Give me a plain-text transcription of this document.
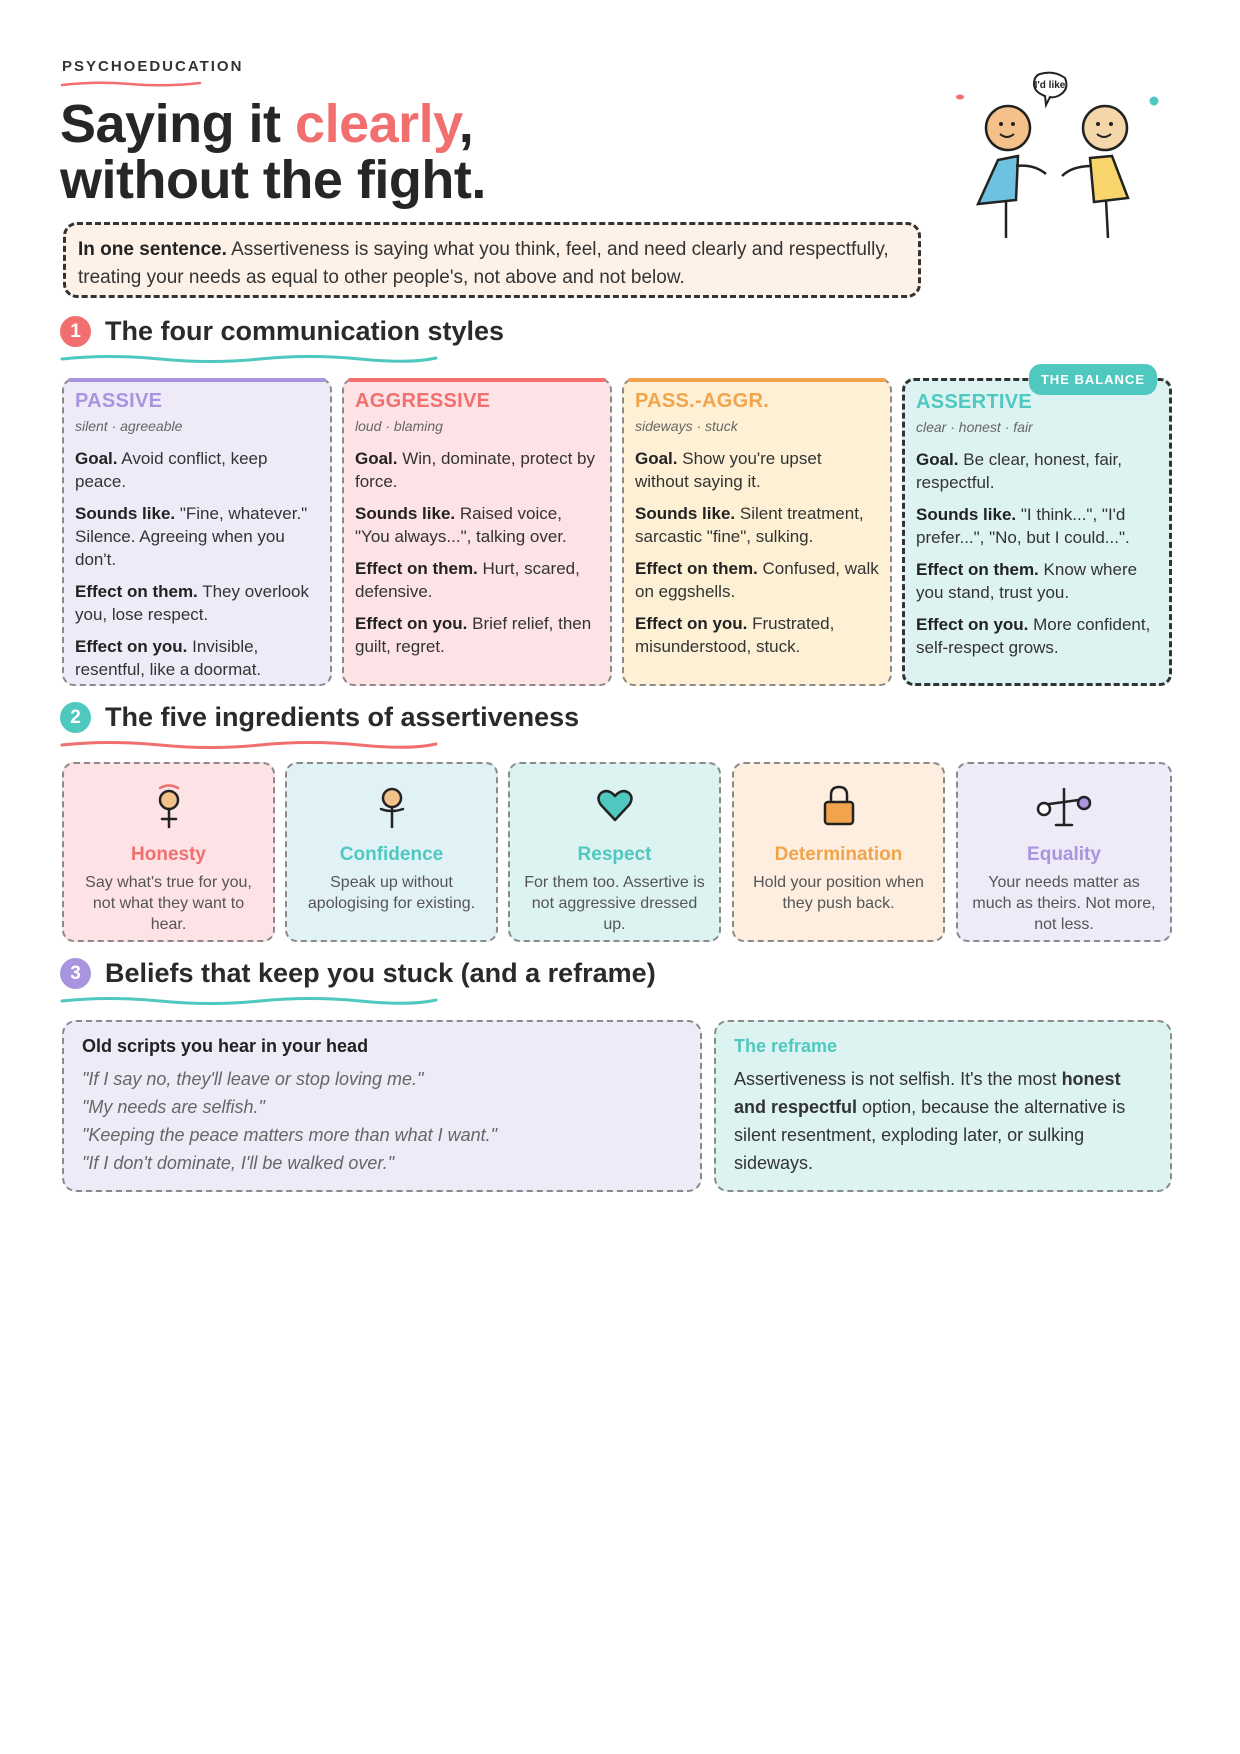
PSYCHOEDUCATION
Saying it clearly,
without the fight.
I'd like
In one sentence. Assertiveness is saying what you think, feel, and need clearly and respectfully, treating your needs as equal to other people's, not above and not below.
1 The four communication styles
PASSIVE
silent · agreeable

Goal. Avoid conflict, keep peace.

Sounds like. "Fine, whatever." Silence. Agreeing when you don't.

Effect on them. They overlook you, lose respect.

Effect on you. Invisible, resentful, like a doormat.

AGGRESSIVE
loud · blaming

Goal. Win, dominate, protect by force.

Sounds like. Raised voice, "You always...", talking over.

Effect on them. Hurt, scared, defensive.

Effect on you. Brief relief, then guilt, regret.

PASS.-AGGR.
sideways · stuck

Goal. Show you're upset without saying it.

Sounds like. Silent treatment, sarcastic "fine", sulking.

Effect on them. Confused, walk on eggshells.

Effect on you. Frustrated, misunderstood, stuck.

THE BALANCE
ASSERTIVE
clear · honest · fair

Goal. Be clear, honest, fair, respectful.

Sounds like. "I think...", "I'd prefer...", "No, but I could...".

Effect on them. Know where you stand, trust you.

Effect on you. More confident, self-respect grows.

2 The five ingredients of assertiveness
Honesty
Say what's true for you, not what they want to hear.
Confidence
Speak up without apologising for existing.
Respect
For them too. Assertive is not aggressive dressed up.
Determination
Hold your position when they push back.
Equality
Your needs matter as much as theirs. Not more, not less.
3 Beliefs that keep you stuck (and a reframe)
Old scripts you hear in your head
"If I say no, they'll leave or stop loving me."
"My needs are selfish."
"Keeping the peace matters more than what I want."
"If I don't dominate, I'll be walked over."
The reframe
Assertiveness is not selfish. It's the most honest and respectful option, because the alternative is silent resentment, exploding later, or sulking sideways.
